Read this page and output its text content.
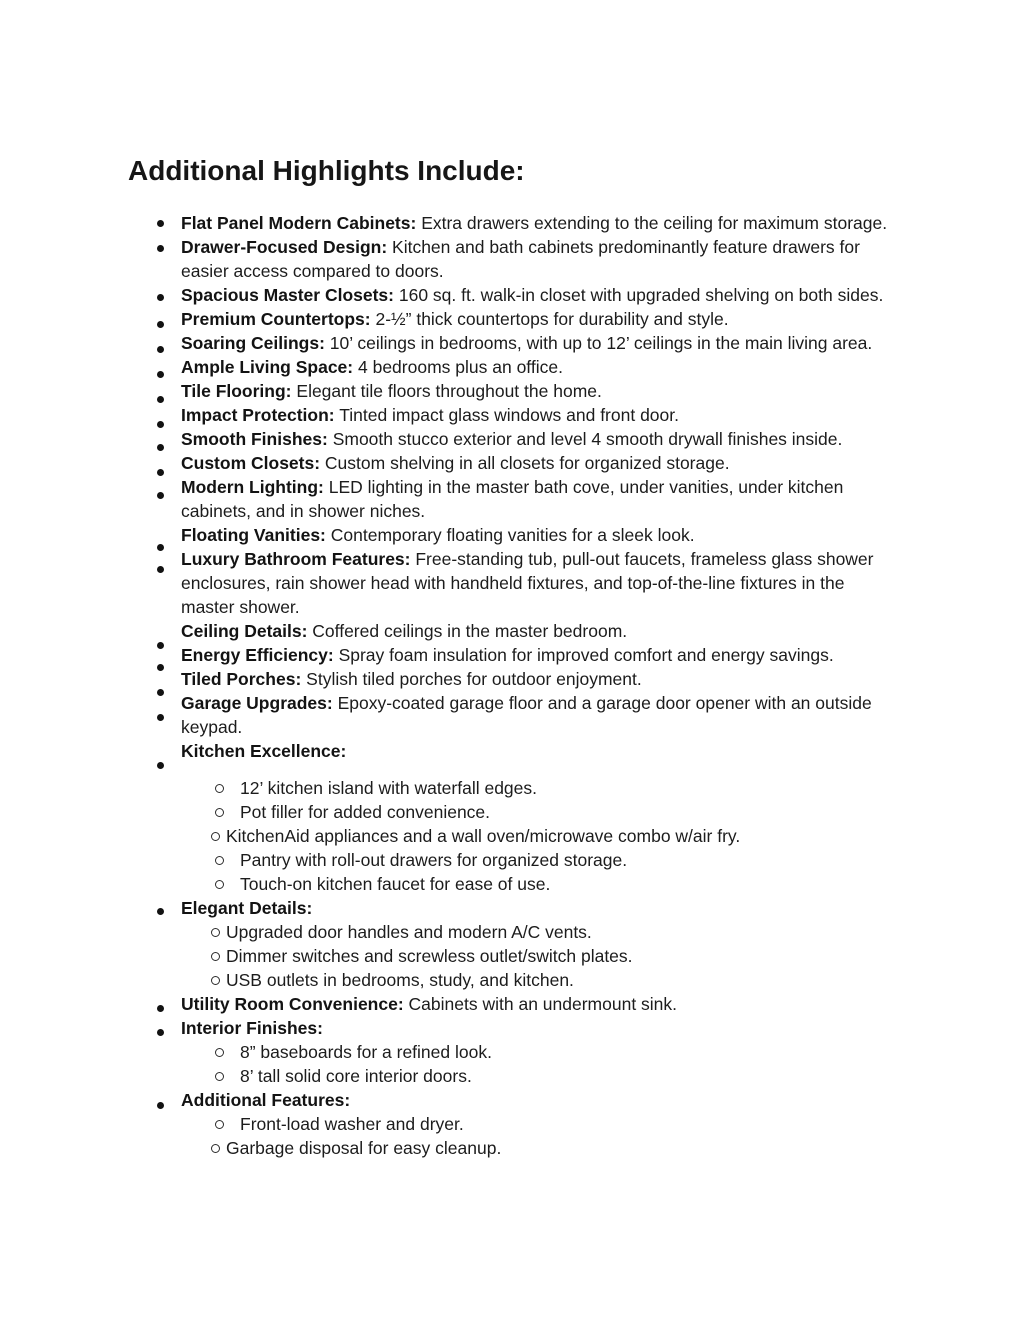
Additional Highlights Include:
Flat Panel Modern Cabinets: Extra drawers extending to the ceiling for maximum storage.
Drawer-Focused Design: Kitchen and bath cabinets predominantly feature drawers for easier access compared to doors.
Spacious Master Closets: 160 sq. ft. walk-in closet with upgraded shelving on both sides.
Premium Countertops: 2-½” thick countertops for durability and style.
Soaring Ceilings: 10’ ceilings in bedrooms, with up to 12’ ceilings in the main living area.
Ample Living Space: 4 bedrooms plus an office.
Tile Flooring: Elegant tile floors throughout the home.
Impact Protection: Tinted impact glass windows and front door.
Smooth Finishes: Smooth stucco exterior and level 4 smooth drywall finishes inside.
Custom Closets: Custom shelving in all closets for organized storage.
Modern Lighting: LED lighting in the master bath cove, under vanities, under kitchen cabinets, and in shower niches.
Floating Vanities: Contemporary floating vanities for a sleek look.
Luxury Bathroom Features: Free-standing tub, pull-out faucets, frameless glass shower enclosures, rain shower head with handheld fixtures, and top-of-the-line fixtures in the master shower.
Ceiling Details: Coffered ceilings in the master bedroom.
Energy Efficiency: Spray foam insulation for improved comfort and energy savings.
Tiled Porches: Stylish tiled porches for outdoor enjoyment.
Garage Upgrades: Epoxy-coated garage floor and a garage door opener with an outside keypad.
Kitchen Excellence:
12’ kitchen island with waterfall edges.
Pot filler for added convenience.
KitchenAid appliances and a wall oven/microwave combo w/air fry.
Pantry with roll-out drawers for organized storage.
Touch-on kitchen faucet for ease of use.
Elegant Details:
Upgraded door handles and modern A/C vents.
Dimmer switches and screwless outlet/switch plates.
USB outlets in bedrooms, study, and kitchen.
Utility Room Convenience: Cabinets with an undermount sink.
Interior Finishes:
8” baseboards for a refined look.
8’ tall solid core interior doors.
Additional Features:
Front-load washer and dryer.
Garbage disposal for easy cleanup.
